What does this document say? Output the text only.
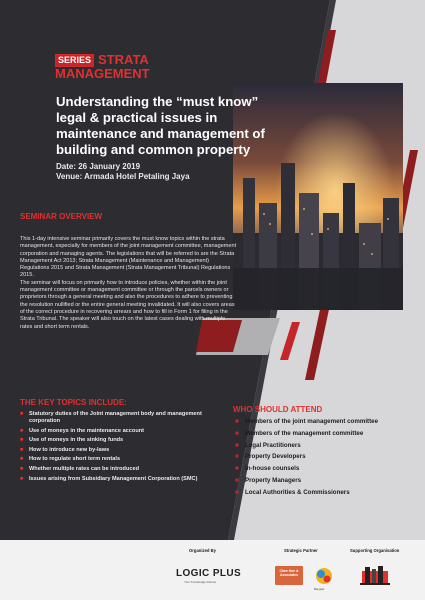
SERIES STRATA
MANAGEMENT
Understanding the “must know” legal & practical issues in maintenance and management of building and common property
Date: 26 January 2019
Venue: Armada Hotel Petaling Jaya
SEMINAR OVERVIEW

This 1-day intensive seminar primarily covers the must know topics within the strata management, especially for members of the joint management committee, management corporation and managing agents. The legislations that will be referred to are the Strata Management Act 2013; Strata Management (Maintenance and Management) Regulations 2015 and Strata Management (Strata Management Tribunal) Regulations 2015.

The seminar will focus on primarily how to introduce policies, whether within the joint management committee or management committee or through the parcels owners or proprietors through a general meeting and also the procedures to adhere to preventing the resolution nullified or the entire general meeting invalidated. It will also covers areas of the correct procedure in recovering arrears and how to fill in Form 1 for filing in the Strata Tribunal. The speaker will also touch on the latest cases dealing with multiple rates and short term rentals.

THE KEY TOPICS INCLUDE:
■ Statutory duties of the Joint management body and management corporation
■ Use of moneys in the maintenance account
■ Use of moneys in the sinking funds
■ How to introduce new by-laws
■ How to regulate short term rentals
■ Whether multiple rates can be introduced
■ Issues arising from Subsidiary Management Corporation (SMC)
WHO SHOULD ATTEND
■ Members of the joint management committee
■ Members of the management committee
■ Legal Practitioners
■ Property Developers
■ In-house counsels
■ Property Managers
■ Local Authorities & Commissioners
Organized By	Strategic Partner	Supporting Organisation
LOGIC PLUS
Your Knowledge Partner
Chee Hoe & Associates
Bangsar
